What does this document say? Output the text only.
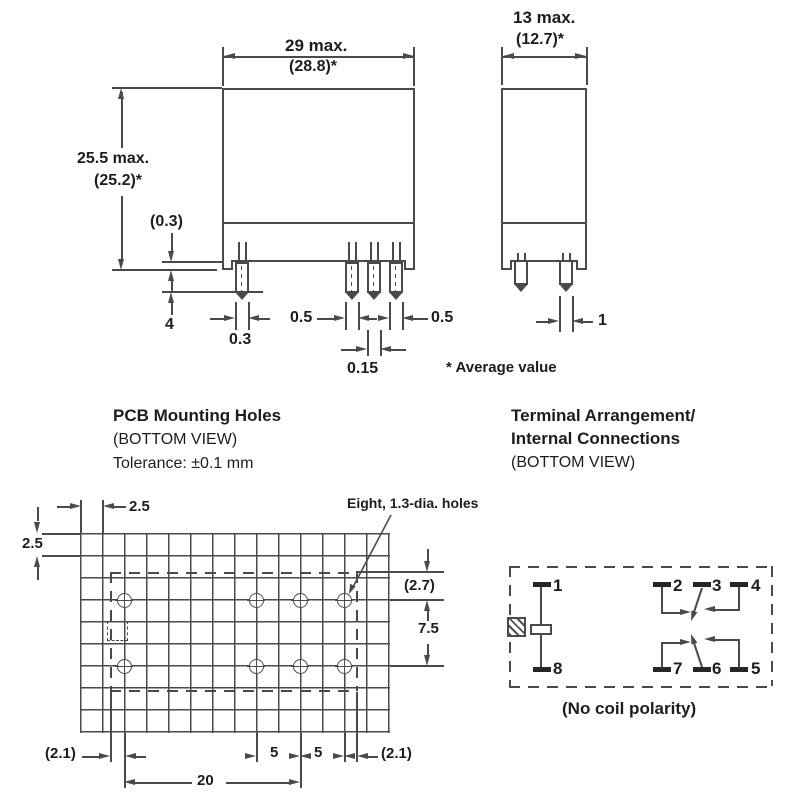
29 max.
(28.8)*
25.5 max.
(25.2)*
(0.3)
4
0.3
0.5	0.5
0.15
13 max.
(12.7)*
1
* Average value
PCB Mounting Holes
(BOTTOM VIEW)
Tolerance: ±0.1 mm
Eight, 1.3-dia. holes
2.5
2.5
(2.7)
7.5
(2.1)	5 5	(2.1)
20
Terminal Arrangement/
Internal Connections
(BOTTOM VIEW)
1
8
2 3 4
7 6 5
(No coil polarity)
